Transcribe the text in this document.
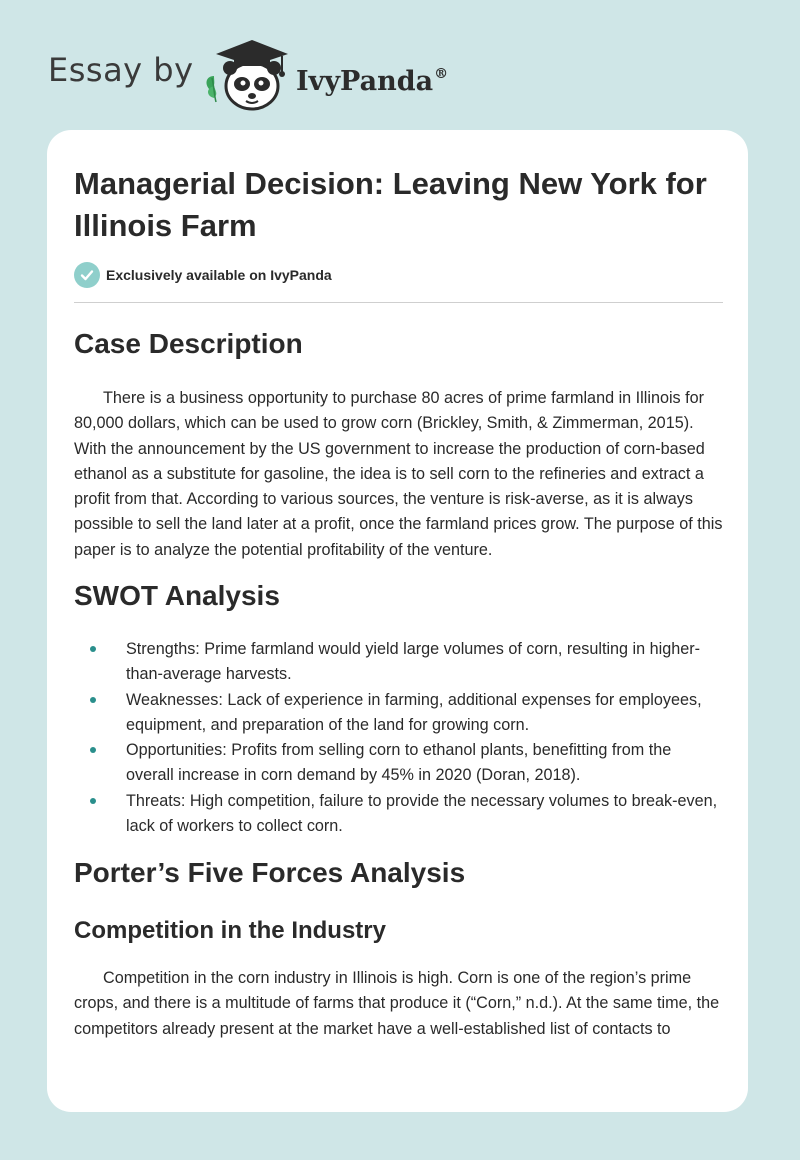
Essay by	IvyPanda®
Managerial Decision: Leaving New York for Illinois Farm
Exclusively available on IvyPanda
Case Description

There is a business opportunity to purchase 80 acres of prime farmland in Illinois for 80,000 dollars, which can be used to grow corn (Brickley, Smith, & Zimmerman, 2015). With the announcement by the US government to increase the production of corn-based ethanol as a substitute for gasoline, the idea is to sell corn to the refineries and extract a profit from that. According to various sources, the venture is risk-averse, as it is always possible to sell the land later at a profit, once the farmland prices grow. The purpose of this paper is to analyze the potential profitability of the venture.

SWOT Analysis
Strengths: Prime farmland would yield large volumes of corn, resulting in higher-than-average harvests.
Weaknesses: Lack of experience in farming, additional expenses for employees, equipment, and preparation of the land for growing corn.
Opportunities: Profits from selling corn to ethanol plants, benefitting from the overall increase in corn demand by 45% in 2020 (Doran, 2018).
Threats: High competition, failure to provide the necessary volumes to break-even, lack of workers to collect corn.
Porter’s Five Forces Analysis
Competition in the Industry

Competition in the corn industry in Illinois is high. Corn is one of the region’s prime crops, and there is a multitude of farms that produce it (“Corn,” n.d.). At the same time, the competitors already present at the market have a well-established list of contacts to
